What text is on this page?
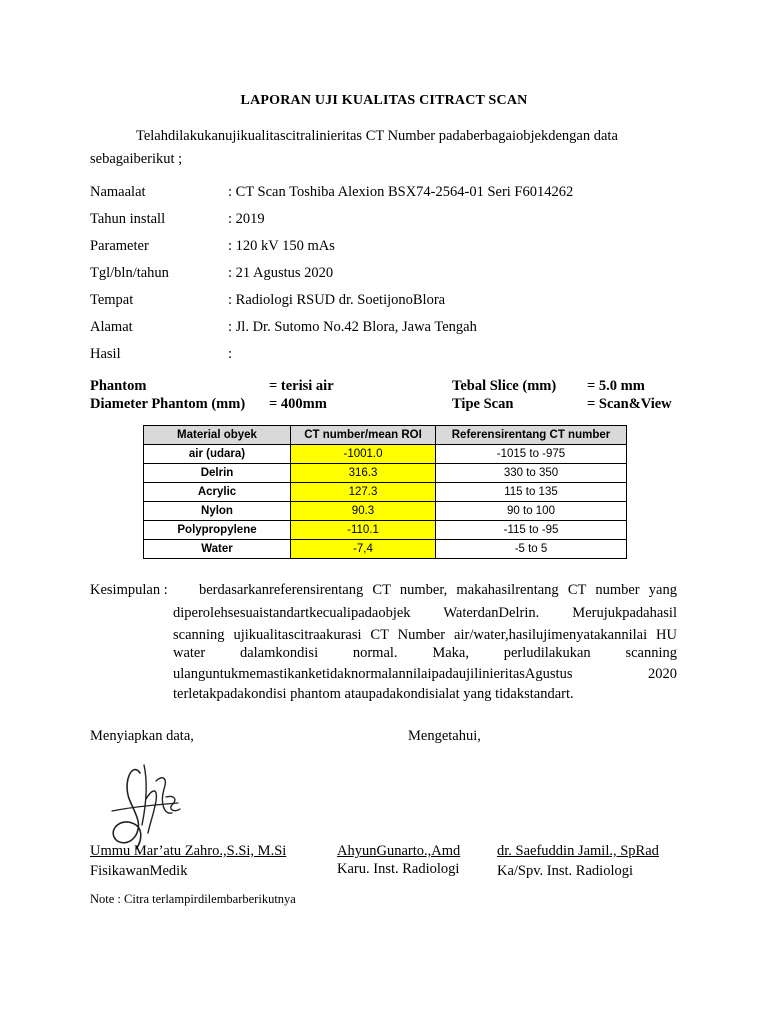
LAPORAN UJI KUALITAS CITRACT SCAN
Telahdilakukanujikualitascitralinieritas CT Number padaberbagaiobjekdengan data
sebagaiberikut ;
Namaalat	: CT Scan Toshiba Alexion BSX74-2564-01 Seri F6014262
Tahun install	: 2019
Parameter	: 120 kV 150 mAs
Tgl/bln/tahun	: 21 Agustus 2020
Tempat	: Radiologi RSUD dr. SoetijonoBlora
Alamat	: Jl. Dr. Sutomo No.42 Blora, Jawa Tengah
Hasil	:
Phantom	= terisi air	Tebal Slice (mm) = 5.0 mm
Diameter Phantom (mm) = 400mm	Tipe Scan	= Scan&View
Material obyek	CT number/mean ROI	Referensirentang CT number
air (udara)	-1001.0	-1015 to -975
Delrin	316.3	330 to 350
Acrylic	127.3	115 to 135
Nylon	90.3	90 to 100
Polypropylene	-110.1	-115 to -95
Water	-7,4	-5 to 5
Kesimpulan : berdasarkanreferensirentang CT number, makahasilrentang CT number yang
diperolehsesuaistandartkecualipadaobjek WaterdanDelrin. Merujukpadahasil
scanning ujikualitascitraakurasi CT Number air/water,hasilujimenyatakannilai HU
water dalamkondisi normal. Maka, perludilakukan scanning
ulanguntukmemastikanketidaknormalannilaipadaujilinieritasAgustus 2020
terletakpadakondisi phantom ataupadakondisialat yang tidakstandart.
Menyiapkan data,	Mengetahui,
Ummu Mar’atu Zahro.,S.Si, M.Si
FisikawanMedik
AhyunGunarto.,Amd
Karu. Inst. Radiologi
dr. Saefuddin Jamil., SpRad
Ka/Spv. Inst. Radiologi
Note : Citra terlampirdilembarberikutnya
